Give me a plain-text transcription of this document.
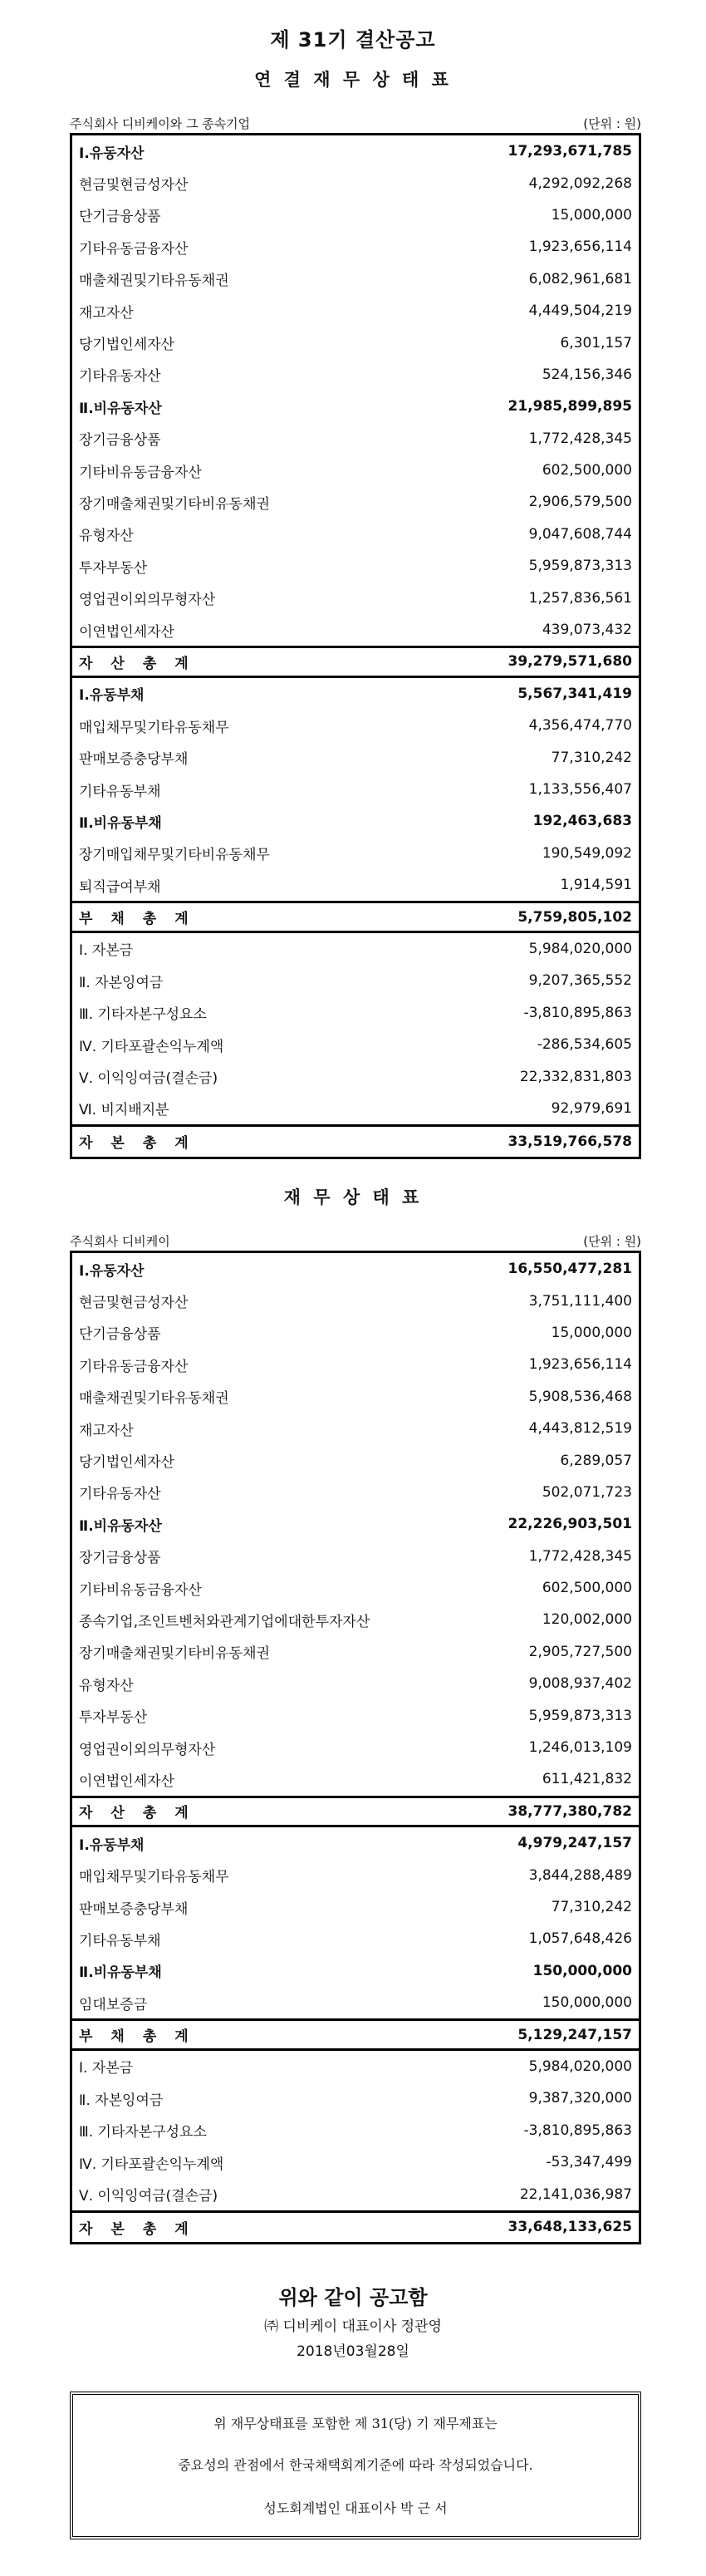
제 31기 결산공고
연 결 재 무 상 태 표
주식회사 디비케이와 그 종속기업	(단위 : 원)
Ⅰ.유동자산	17,293,671,785
현금및현금성자산	4,292,092,268
단기금융상품	15,000,000
기타유동금융자산	1,923,656,114
매출채권및기타유동채권	6,082,961,681
재고자산	4,449,504,219
당기법인세자산	6,301,157
기타유동자산	524,156,346
Ⅱ.비유동자산	21,985,899,895
장기금융상품	1,772,428,345
기타비유동금융자산	602,500,000
장기매출채권및기타비유동채권	2,906,579,500
유형자산	9,047,608,744
투자부동산	5,959,873,313
영업권이외의무형자산	1,257,836,561
이연법인세자산	439,073,432
자산총계	39,279,571,680
Ⅰ.유동부채	5,567,341,419
매입채무및기타유동채무	4,356,474,770
판매보증충당부채	77,310,242
기타유동부채	1,133,556,407
Ⅱ.비유동부채	192,463,683
장기매입채무및기타비유동채무	190,549,092
퇴직급여부채	1,914,591
부채총계	5,759,805,102
Ⅰ. 자본금	5,984,020,000
Ⅱ. 자본잉여금	9,207,365,552
Ⅲ. 기타자본구성요소	-3,810,895,863
Ⅳ. 기타포괄손익누계액	-286,534,605
Ⅴ. 이익잉여금(결손금)	22,332,831,803
Ⅵ. 비지배지분	92,979,691
자본총계	33,519,766,578
재 무 상 태 표
주식회사 디비케이	(단위 : 원)
Ⅰ.유동자산	16,550,477,281
현금및현금성자산	3,751,111,400
단기금융상품	15,000,000
기타유동금융자산	1,923,656,114
매출채권및기타유동채권	5,908,536,468
재고자산	4,443,812,519
당기법인세자산	6,289,057
기타유동자산	502,071,723
Ⅱ.비유동자산	22,226,903,501
장기금융상품	1,772,428,345
기타비유동금융자산	602,500,000
종속기업,조인트벤처와관계기업에대한투자자산	120,002,000
장기매출채권및기타비유동채권	2,905,727,500
유형자산	9,008,937,402
투자부동산	5,959,873,313
영업권이외의무형자산	1,246,013,109
이연법인세자산	611,421,832
자산총계	38,777,380,782
Ⅰ.유동부채	4,979,247,157
매입채무및기타유동채무	3,844,288,489
판매보증충당부채	77,310,242
기타유동부채	1,057,648,426
Ⅱ.비유동부채	150,000,000
임대보증금	150,000,000
부채총계	5,129,247,157
Ⅰ. 자본금	5,984,020,000
Ⅱ. 자본잉여금	9,387,320,000
Ⅲ. 기타자본구성요소	-3,810,895,863
Ⅳ. 기타포괄손익누계액	-53,347,499
Ⅴ. 이익잉여금(결손금)	22,141,036,987
자본총계	33,648,133,625
위와 같이 공고함
㈜ 디비케이 대표이사 정관영
2018년03월28일

위 재무상태표를 포함한 제 31(당) 기 재무제표는

중요성의 관점에서 한국채택회계기준에 따라 작성되었습니다.

성도회계법인 대표이사 박 근 서
